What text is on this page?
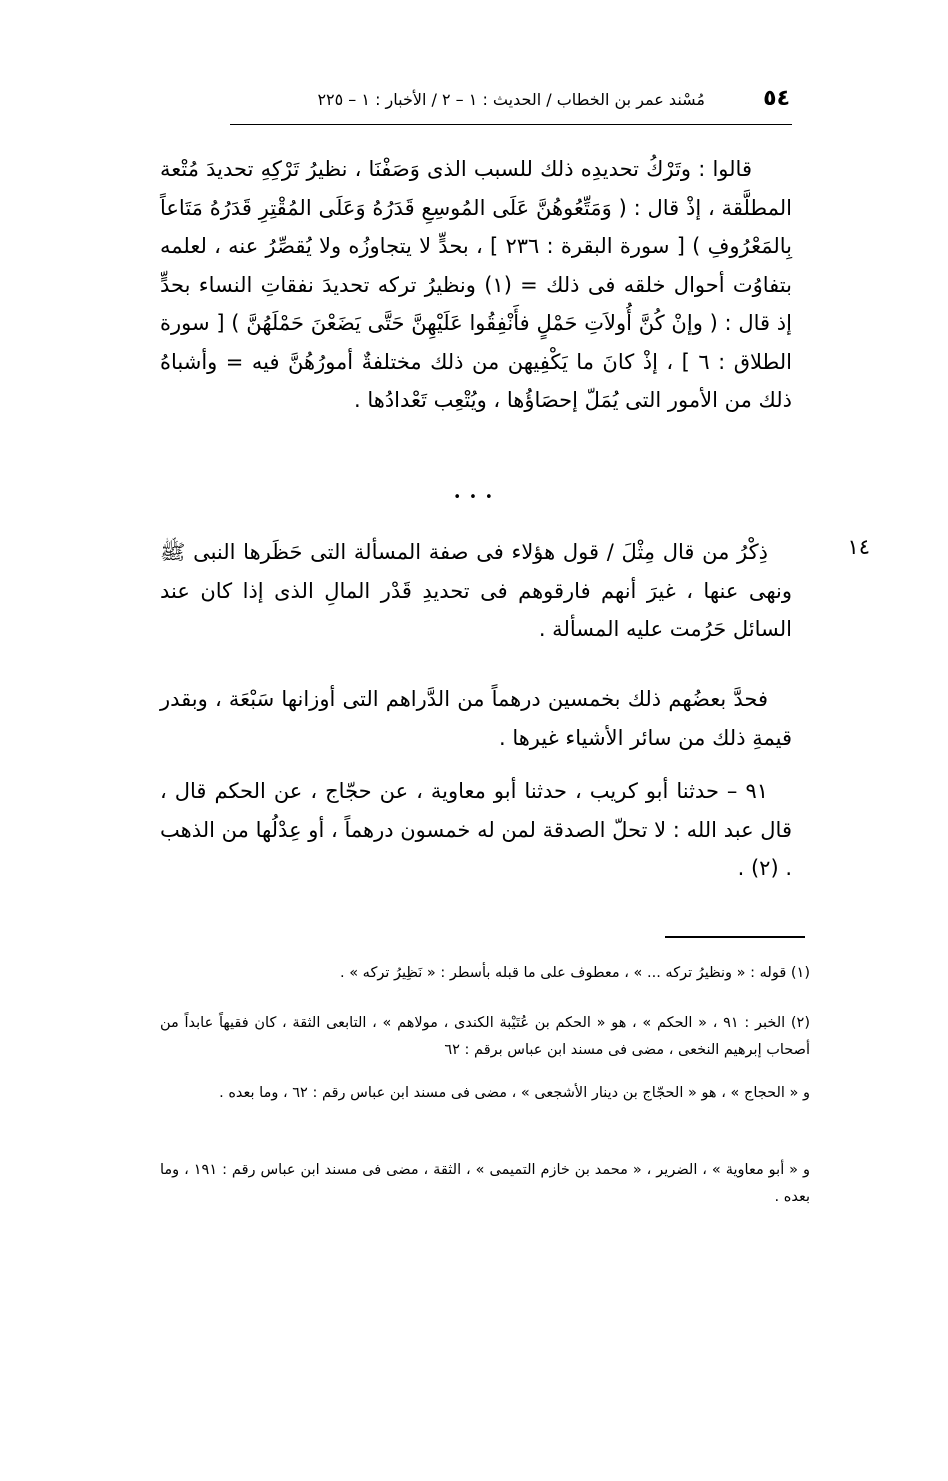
مُسْند عمر بن الخطاب / الحديث : ١ – ٢ / الأخبار : ١ – ٢٢٥	٥٤
قالوا : وتَرْكُ تحديدِه ذلك للسبب الذى وَصَفْنَا ، نظيرُ تَرْكِهِ تحديدَ مُتْعة المطلَّقة ، إذْ قال : ( وَمَتِّعُوهُنَّ عَلَى المُوسِعِ قَدَرُهُ وَعَلَى المُقْتِرِ قَدَرُهُ مَتَاعاً بِالمَعْرُوفِ ) [ سورة البقرة : ٢٣٦ ] ، بحدٍّ لا يتجاوزُه ولا يُقصِّرُ عنه ، لعلمه بتفاوُت أحوال خلقه فى ذلك = (١) ونظيرُ تركه تحديدَ نفقاتِ النساء بحدٍّ إذ قال : ( وإنْ كُنَّ أُولاَتِ حَمْلٍ فأَنْفِقُوا عَلَيْهِنَّ حَتَّى يَضَعْنَ حَمْلَهُنَّ ) [ سورة الطلاق : ٦ ] ، إذْ كانَ ما يَكْفِيهن من ذلك مختلفةٌ أمورُهُنَّ فيه = وأشباهُ ذلك من الأمور التى يُمَلّ إحصَاؤُها ، ويُتْعِب تَعْدادُها .
• • •
١٤
ذِكْرُ من قال مِثْلَ / قول هؤلاء فى صفة المسألة التى حَظَرها النبى ﷺ ونهى عنها ، غيرَ أنهم فارقوهم فى تحديدِ قَدْر المالِ الذى إذا كان عند السائل حَرُمت عليه المسألة .
فحدَّ بعضُهم ذلك بخمسين درهماً من الدَّراهم التى أوزانها سَبْعَة ، وبقدر قيمةِ ذلك من سائر الأشياء غيرها .
٩١ – حدثنا أبو كريب ، حدثنا أبو معاوية ، عن حجّاج ، عن الحكم قال ، قال عبد الله : لا تحلّ الصدقة لمن له خمسون درهماً ، أو عِدْلُها من الذهب . (٢) .
(١) قوله : « ونظيرُ تركه ... » ، معطوف على ما قبله بأسطر : « نَظِيرُ تركه » .
(٢) الخبر : ٩١ ، « الحكم » ، هو « الحكم بن عُتَيْبة الكندى ، مولاهم » ، التابعى الثقة ، كان فقيهاً عابداً من أصحاب إبرهيم النخعى ، مضى فى مسند ابن عباس برقم : ٦٢
و « الحجاج » ، هو « الحجّاج بن دينار الأشجعى » ، مضى فى مسند ابن عباس رقم : ٦٢ ، وما بعده .
و « أبو معاوية » ، الضرير ، « محمد بن خازم التميمى » ، الثقة ، مضى فى مسند ابن عباس رقم : ١٩١ ، وما بعده .
